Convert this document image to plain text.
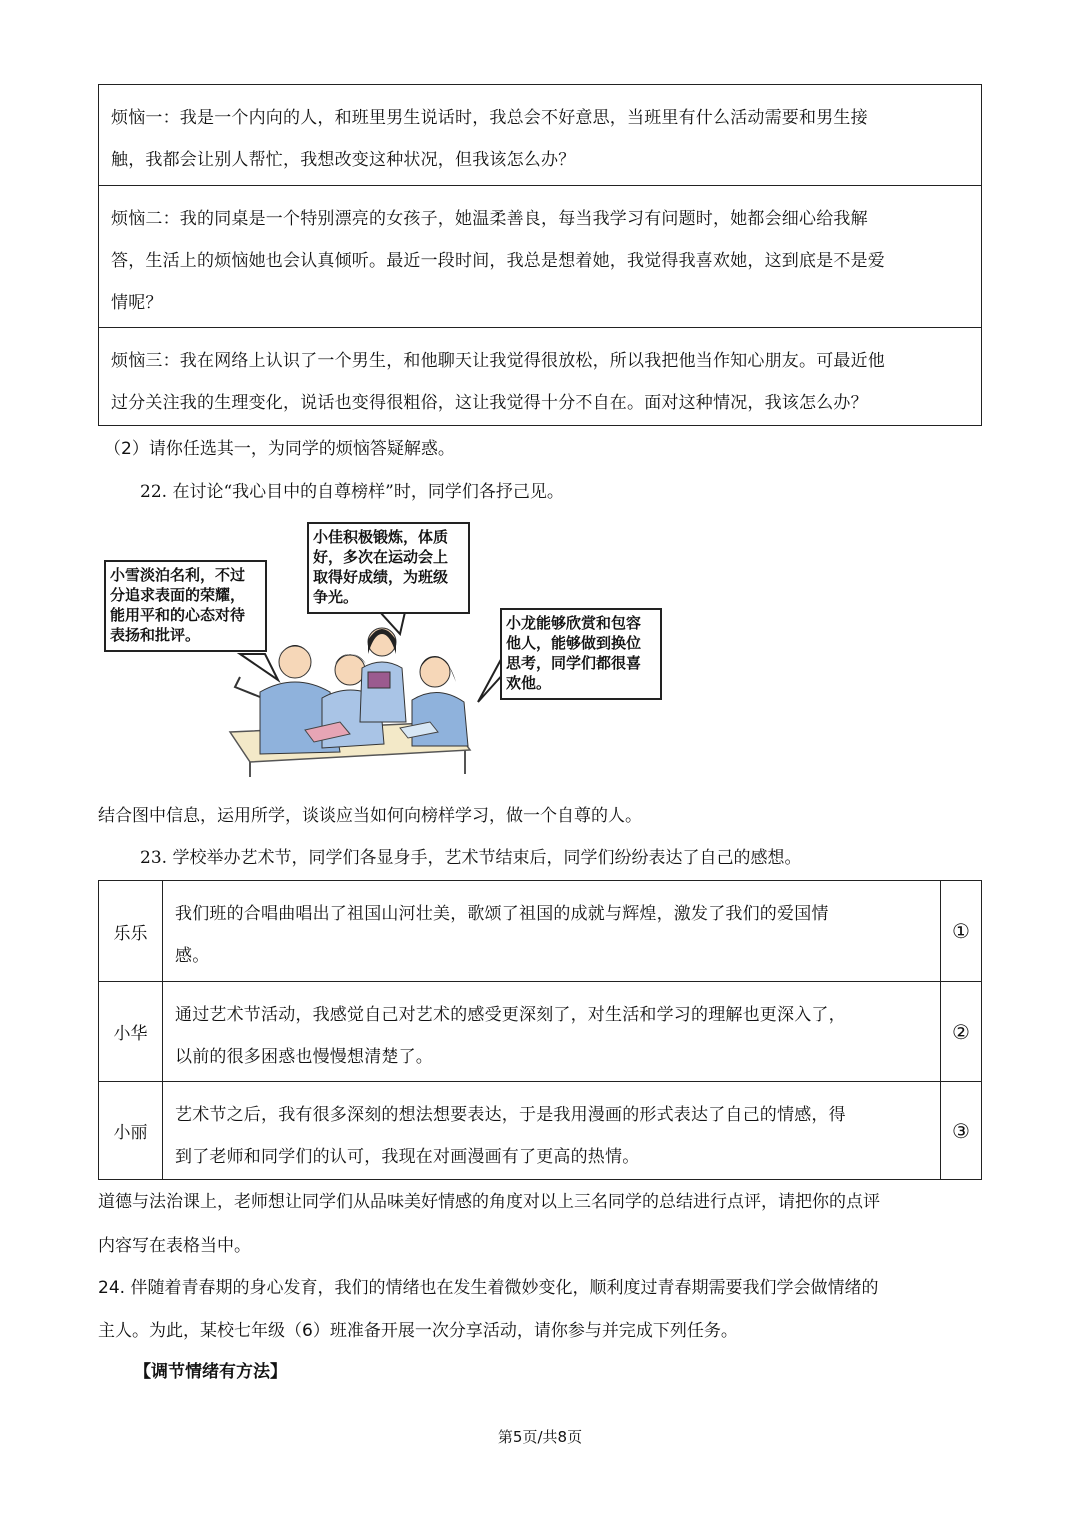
烦恼一：我是一个内向的人，和班里男生说话时，我总会不好意思，当班里有什么活动需要和男生接
触，我都会让别人帮忙，我想改变这种状况，但我该怎么办？
烦恼二：我的同桌是一个特别漂亮的女孩子，她温柔善良，每当我学习有问题时，她都会细心给我解
答，生活上的烦恼她也会认真倾听。最近一段时间，我总是想着她，我觉得我喜欢她，这到底是不是爱
情呢？
烦恼三：我在网络上认识了一个男生，和他聊天让我觉得很放松，所以我把他当作知心朋友。可最近他
过分关注我的生理变化，说话也变得很粗俗，这让我觉得十分不自在。面对这种情况，我该怎么办？
（2）请你任选其一，为同学的烦恼答疑解惑。
22. 在讨论“我心目中的自尊榜样”时，同学们各抒己见。
小雪淡泊名利，不过
分追求表面的荣耀，
能用平和的心态对待
表扬和批评。
小佳积极锻炼，体质
好，多次在运动会上
取得好成绩，为班级
争光。
小龙能够欣赏和包容
他人，能够做到换位
思考，同学们都很喜
欢他。
结合图中信息，运用所学，谈谈应当如何向榜样学习，做一个自尊的人。
23. 学校举办艺术节，同学们各显身手，艺术节结束后，同学们纷纷表达了自己的感想。
乐乐
我们班的合唱曲唱出了祖国山河壮美，歌颂了祖国的成就与辉煌，激发了我们的爱国情
感。
①
小华
通过艺术节活动，我感觉自己对艺术的感受更深刻了，对生活和学习的理解也更深入了，
以前的很多困惑也慢慢想清楚了。
②
小丽
艺术节之后，我有很多深刻的想法想要表达，于是我用漫画的形式表达了自己的情感，得
到了老师和同学们的认可，我现在对画漫画有了更高的热情。
③
道德与法治课上，老师想让同学们从品味美好情感的角度对以上三名同学的总结进行点评，请把你的点评
内容写在表格当中。
24. 伴随着青春期的身心发育，我们的情绪也在发生着微妙变化，顺利度过青春期需要我们学会做情绪的
主人。为此，某校七年级（6）班准备开展一次分享活动，请你参与并完成下列任务。
【调节情绪有方法】
第5页/共8页
